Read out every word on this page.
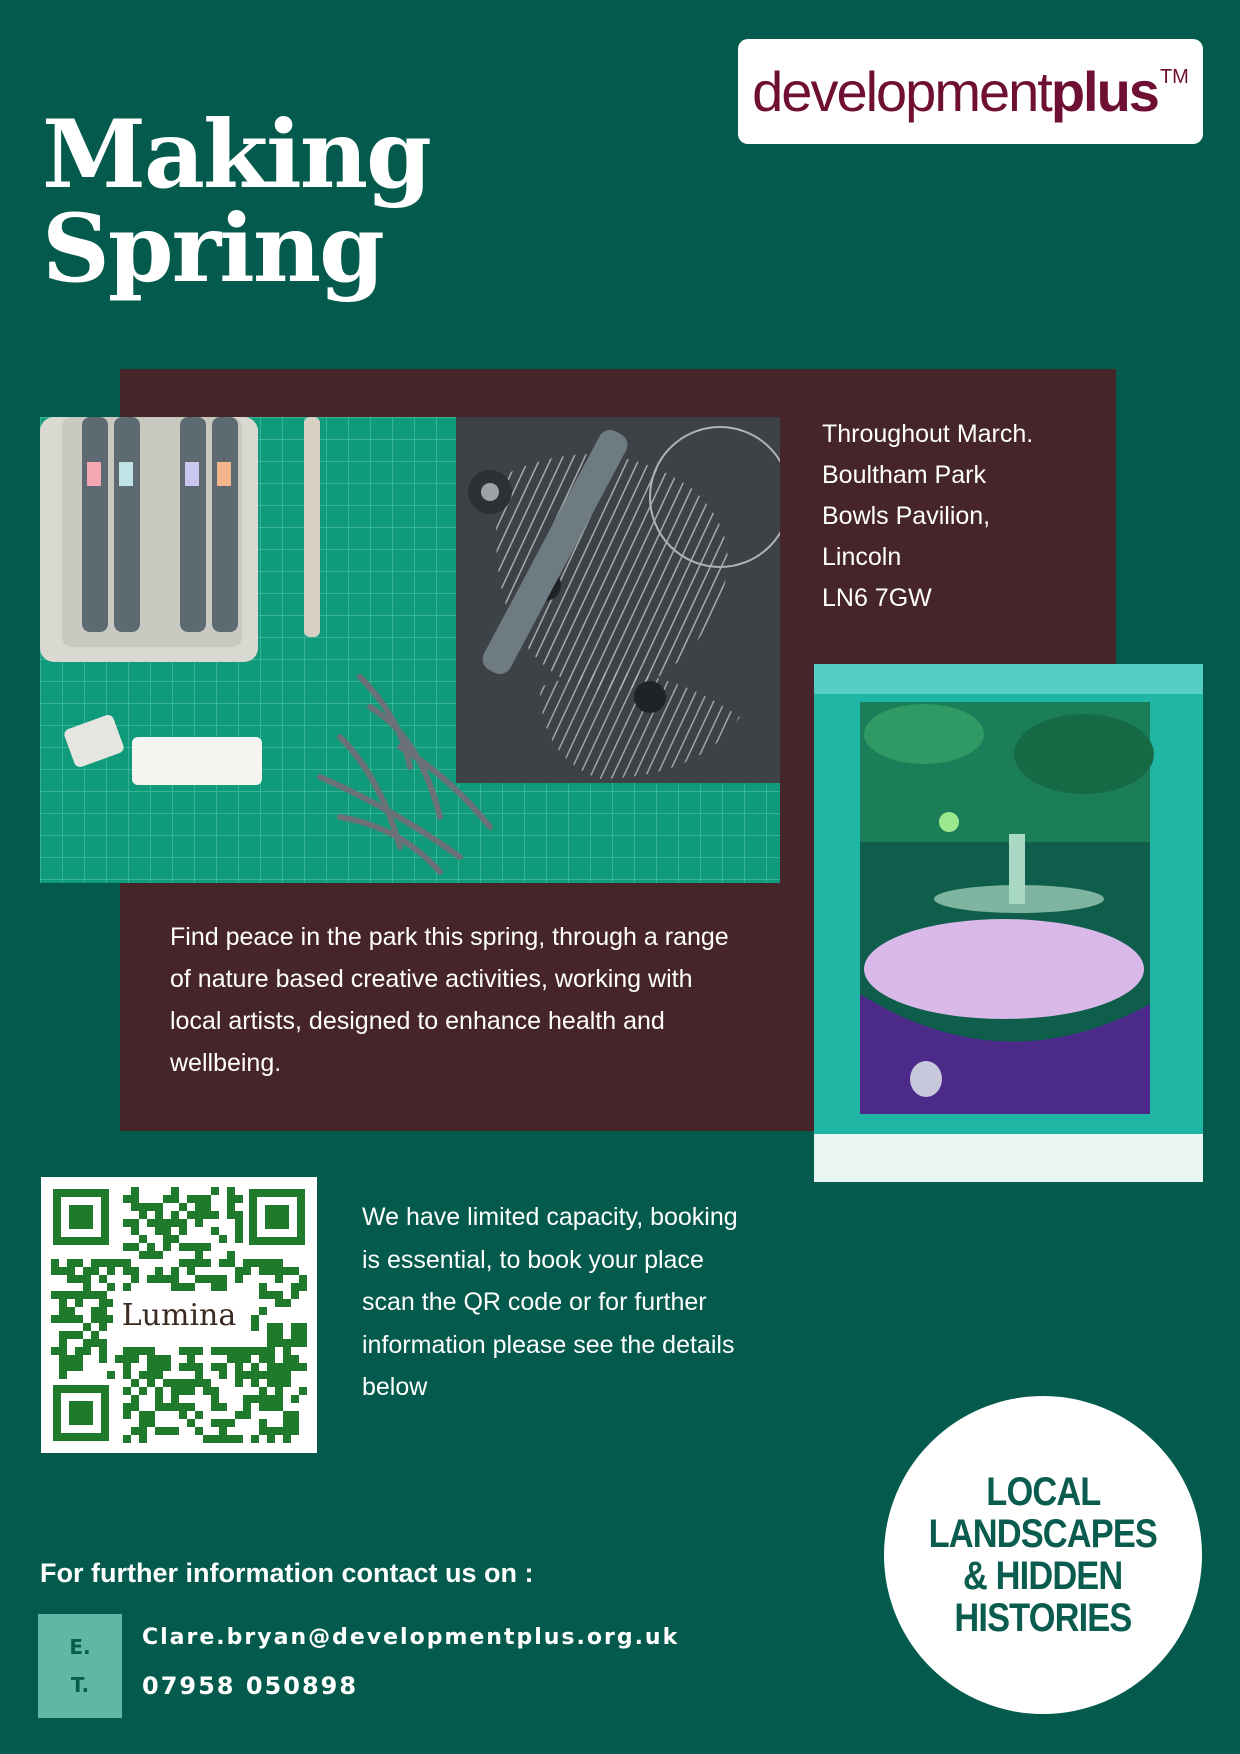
developmentplus ™
Making
Spring
Throughout March.
Boultham Park
Bowls Pavilion,
Lincoln
LN6 7GW

Find peace in the park this spring, through a range of nature based creative activities, working with local artists, designed to enhance health and wellbeing.

Lumina

We have limited capacity, booking is essential, to book your place scan the QR code or for further information please see the details below

For further information contact us on :
E.
T.
Clare.bryan@developmentplus.org.uk
07958 050898
LOCAL
LANDSCAPES
& HIDDEN
HISTORIES
